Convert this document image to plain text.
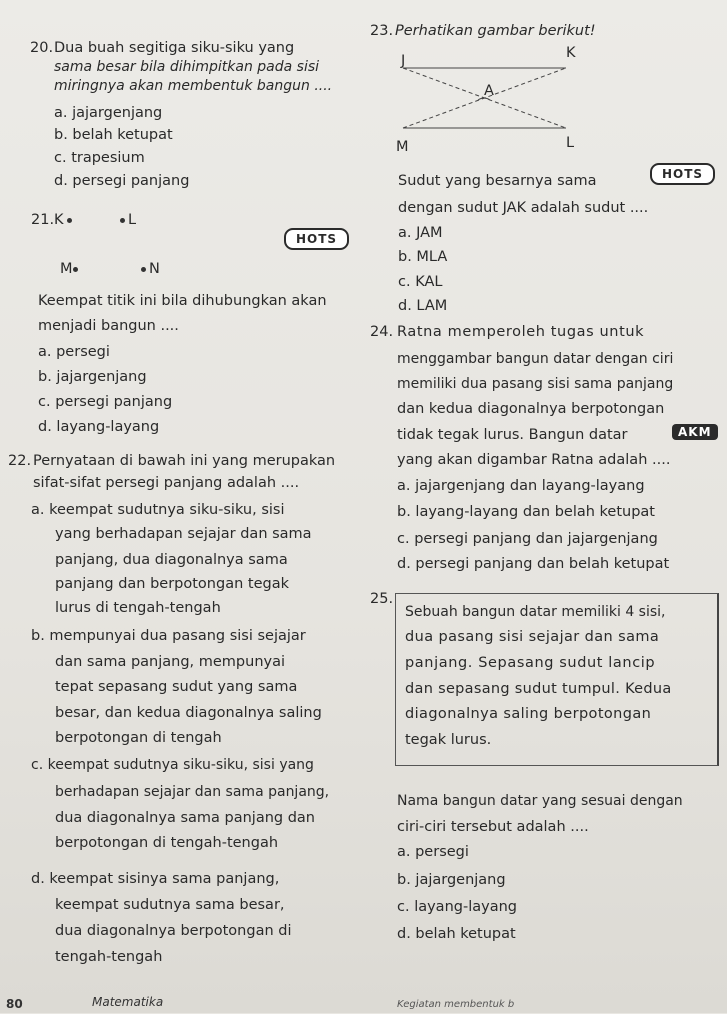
20. Dua buah segitiga siku-siku yang
sama besar bila dihimpitkan pada sisi
miringnya akan membentuk bangun ....
a. jajargenjang
b. belah ketupat
c. trapesium
d. persegi panjang
21. K	L
HOTS
M	N
Keempat titik ini bila dihubungkan akan
menjadi bangun ....
a. persegi
b. jajargenjang
c. persegi panjang
d. layang-layang
22. Pernyataan di bawah ini yang merupakan
sifat-sifat persegi panjang adalah ....
a. keempat sudutnya siku-siku, sisi
yang berhadapan sejajar dan sama
panjang, dua diagonalnya sama
panjang dan berpotongan tegak
lurus di tengah-tengah
b. mempunyai dua pasang sisi sejajar
dan sama panjang, mempunyai
tepat sepasang sudut yang sama
besar, dan kedua diagonalnya saling
berpotongan di tengah
c. keempat sudutnya siku-siku, sisi yang
berhadapan sejajar dan sama panjang,
dua diagonalnya sama panjang dan
berpotongan di tengah-tengah
d. keempat sisinya sama panjang,
keempat sudutnya sama besar,
dua diagonalnya berpotongan di
tengah-tengah
23. Perhatikan gambar berikut!
J	K
A
M	L
Sudut yang besarnya sama	HOTS
dengan sudut JAK adalah sudut ....
a. JAM
b. MLA
c. KAL
d. LAM
24. Ratna memperoleh tugas untuk
menggambar bangun datar dengan ciri
memiliki dua pasang sisi sama panjang
dan kedua diagonalnya berpotongan
tidak tegak lurus. Bangun datar	AKM
yang akan digambar Ratna adalah ....
a. jajargenjang dan layang-layang
b. layang-layang dan belah ketupat
c. persegi panjang dan jajargenjang
d. persegi panjang dan belah ketupat
25.
Sebuah bangun datar memiliki 4 sisi,
dua pasang sisi sejajar dan sama
panjang. Sepasang sudut lancip
dan sepasang sudut tumpul. Kedua
diagonalnya saling berpotongan
tegak lurus.
Nama bangun datar yang sesuai dengan
ciri-ciri tersebut adalah ....
a. persegi
b. jajargenjang
c. layang-layang
d. belah ketupat
80	Matematika	Kegiatan membentuk b
